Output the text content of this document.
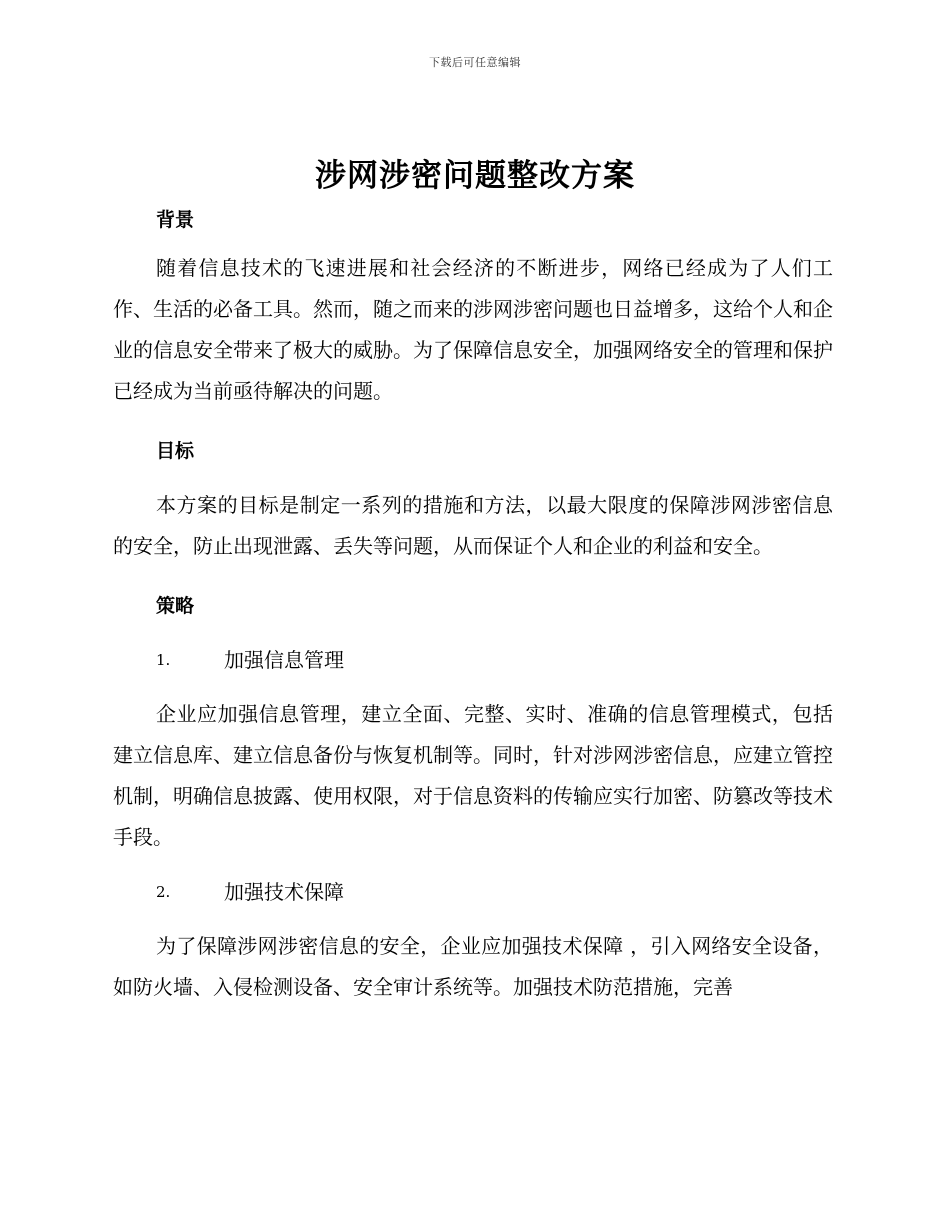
下载后可任意编辑
涉网涉密问题整改方案
背景

随着信息技术的飞速进展和社会经济的不断进步，网络已经成为了人们工作、生活的必备工具。然而，随之而来的涉网涉密问题也日益增多，这给个人和企业的信息安全带来了极大的威胁。为了保障信息安全，加强网络安全的管理和保护已经成为当前亟待解决的问题。

目标

本方案的目标是制定一系列的措施和方法，以最大限度的保障涉网涉密信息的安全，防止出现泄露、丢失等问题，从而保证个人和企业的利益和安全。

策略
1.	加强信息管理

企业应加强信息管理，建立全面、完整、实时、准确的信息管理模式，包括建立信息库、建立信息备份与恢复机制等。同时，针对涉网涉密信息，应建立管控机制，明确信息披露、使用权限，对于信息资料的传输应实行加密、防篡改等技术手段。

2.	加强技术保障

为了保障涉网涉密信息的安全，企业应加强技术保障 ，引入网络安全设备，如防火墙、入侵检测设备、安全审计系统等。加强技术防范措施，完善
